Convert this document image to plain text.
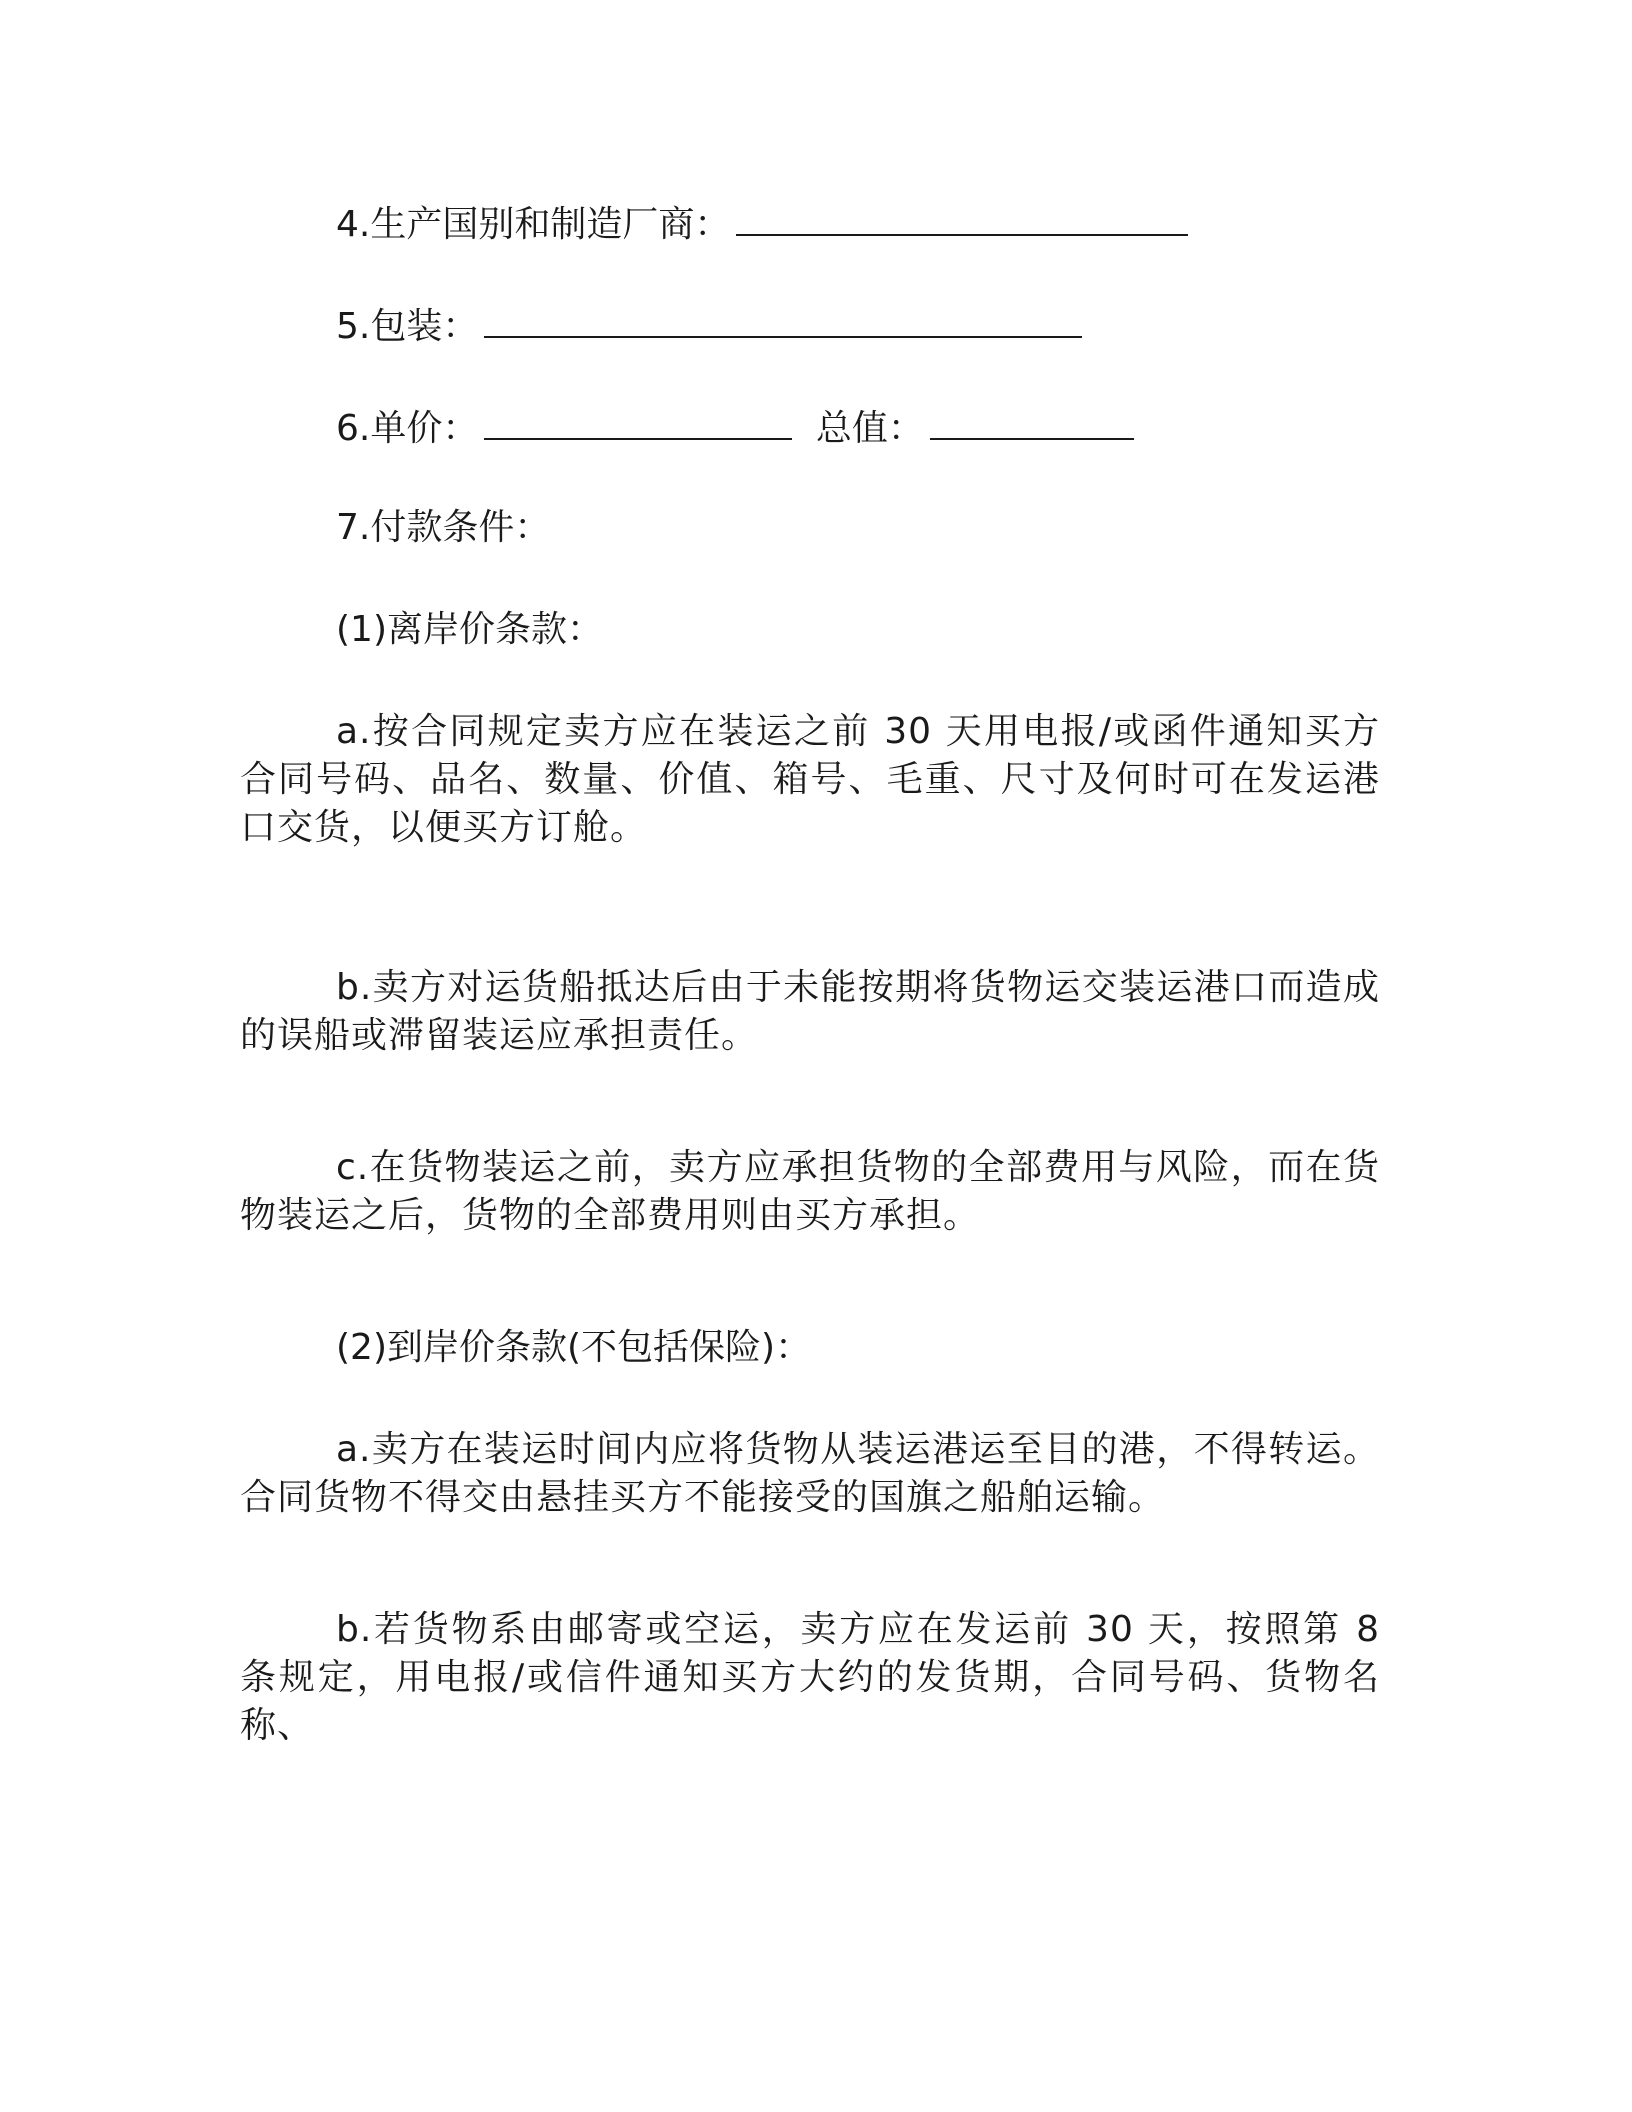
4.生产国别和制造厂商：
5.包装：
6.单价：	总值：
7.付款条件：
(1)离岸价条款：
a.按合同规定卖方应在装运之前 30 天用电报/或函件通知买方合同号码、品名、数量、价值、箱号、毛重、尺寸及何时可在发运港口交货，以便买方订舱。
b.卖方对运货船抵达后由于未能按期将货物运交装运港口而造成的误船或滞留装运应承担责任。
c.在货物装运之前，卖方应承担货物的全部费用与风险，而在货物装运之后，货物的全部费用则由买方承担。
(2)到岸价条款(不包括保险)：
a.卖方在装运时间内应将货物从装运港运至目的港，不得转运。合同货物不得交由悬挂买方不能接受的国旗之船舶运输。
b.若货物系由邮寄或空运，卖方应在发运前 30 天，按照第 8 条规定，用电报/或信件通知买方大约的发货期，合同号码、货物名称、
